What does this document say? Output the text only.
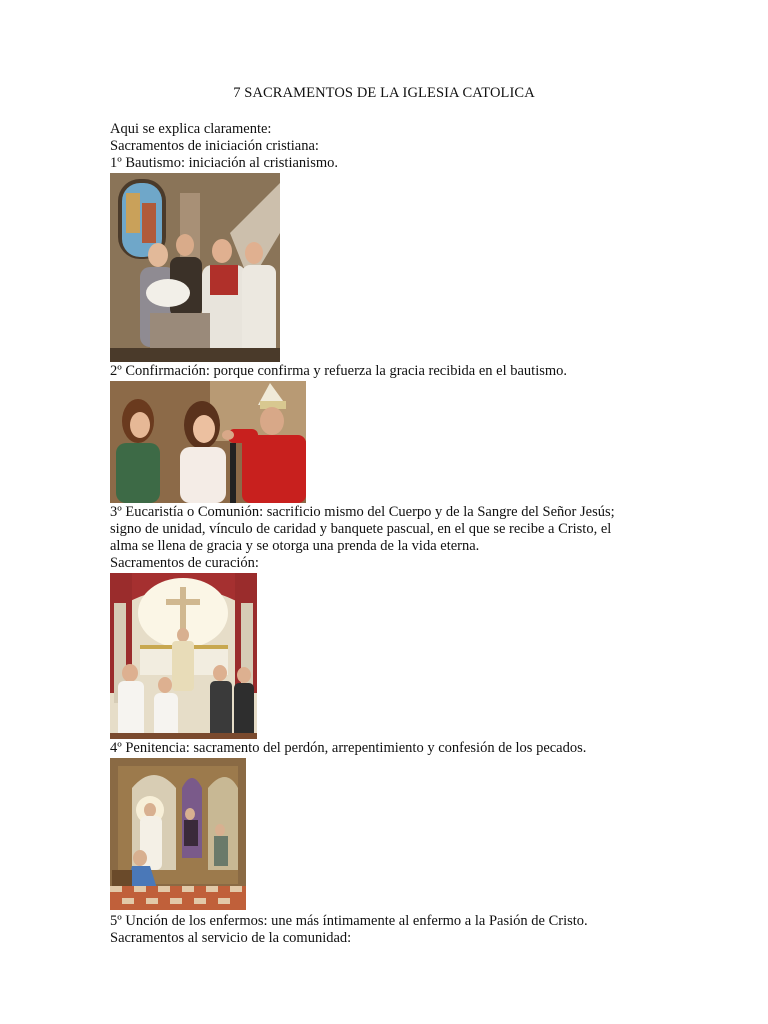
7 SACRAMENTOS DE LA IGLESIA CATOLICA
Aqui se explica claramente:
Sacramentos de iniciación cristiana:
1º Bautismo: iniciación al cristianismo.
2º Confirmación: porque confirma y refuerza la gracia recibida en el bautismo.
3º Eucaristía o Comunión: sacrificio mismo del Cuerpo y de la Sangre del Señor Jesús;
signo de unidad, vínculo de caridad y banquete pascual, en el que se recibe a Cristo, el
alma se llena de gracia y se otorga una prenda de la vida eterna.
Sacramentos de curación:
4º Penitencia: sacramento del perdón, arrepentimiento y confesión de los pecados.
5º Unción de los enfermos: une más íntimamente al enfermo a la Pasión de Cristo.
Sacramentos al servicio de la comunidad:
